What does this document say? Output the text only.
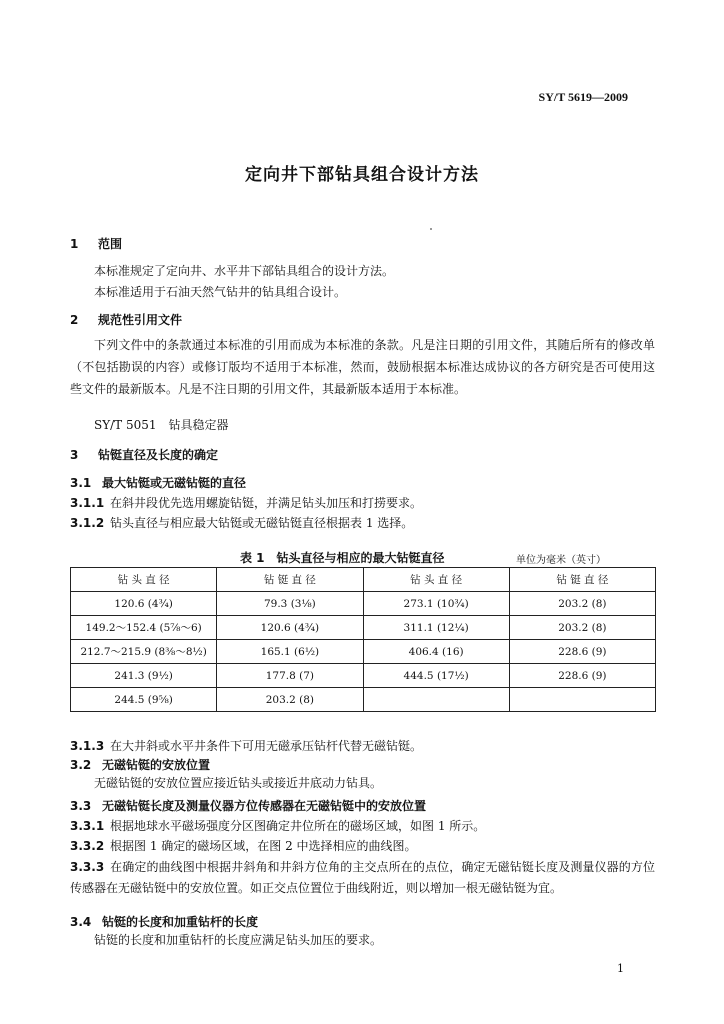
SY/T 5619—2009
定向井下部钻具组合设计方法
1 范围
本标准规定了定向井、水平井下部钻具组合的设计方法。
本标准适用于石油天然气钻井的钻具组合设计。
2 规范性引用文件
下列文件中的条款通过本标准的引用而成为本标准的条款。凡是注日期的引用文件，其随后所有的修改单（不包括勘误的内容）或修订版均不适用于本标准，然而，鼓励根据本标准达成协议的各方研究是否可使用这些文件的最新版本。凡是不注日期的引用文件，其最新版本适用于本标准。
SY/T 5051　钻具稳定器
3 钻铤直径及长度的确定
3.1 最大钻铤或无磁钻铤的直径
3.1.1 在斜井段优先选用螺旋钻铤，并满足钻头加压和打捞要求。
3.1.2 钻头直径与相应最大钻铤或无磁钻铤直径根据表 1 选择。
表 1　钻头直径与相应的最大钻铤直径	单位为毫米（英寸）
钻 头 直 径	钻 铤 直 径	钻 头 直 径	钻 铤 直 径
120.6 (4¾)	79.3 (3⅛)	273.1 (10¾)	203.2 (8)
149.2～152.4 (5⅞～6)	120.6 (4¾)	311.1 (12¼)	203.2 (8)
212.7～215.9 (8⅜～8½)	165.1 (6½)	406.4 (16)	228.6 (9)
241.3 (9½)	177.8 (7)	444.5 (17½)	228.6 (9)
244.5 (9⅝)	203.2 (8)		
3.1.3 在大井斜或水平井条件下可用无磁承压钻杆代替无磁钻铤。
3.2 无磁钻铤的安放位置
无磁钻铤的安放位置应接近钻头或接近井底动力钻具。
3.3 无磁钻铤长度及测量仪器方位传感器在无磁钻铤中的安放位置
3.3.1 根据地球水平磁场强度分区图确定井位所在的磁场区域，如图 1 所示。
3.3.2 根据图 1 确定的磁场区域，在图 2 中选择相应的曲线图。
3.3.3 在确定的曲线图中根据井斜角和井斜方位角的主交点所在的点位，确定无磁钻铤长度及测量仪器的方位传感器在无磁钻铤中的安放位置。如正交点位置位于曲线附近，则以增加一根无磁钻铤为宜。
3.4 钻铤的长度和加重钻杆的长度
钻铤的长度和加重钻杆的长度应满足钻头加压的要求。
1
